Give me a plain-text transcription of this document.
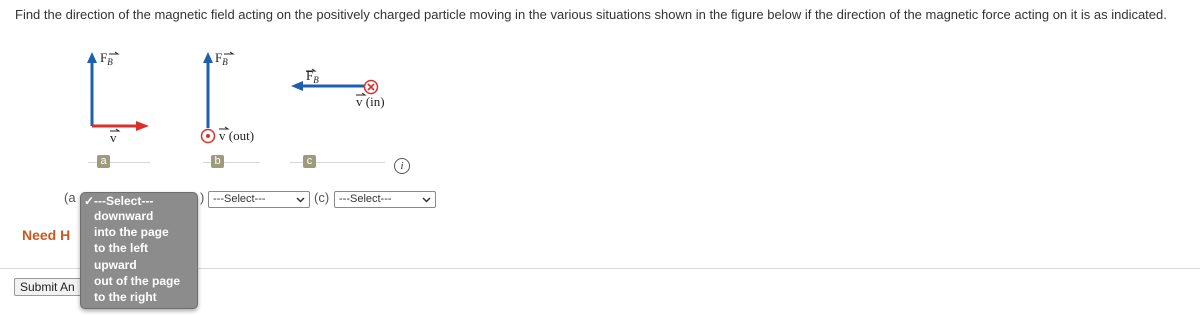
Find the direction of the magnetic field acting on the positively charged particle moving in the various situations shown in the figure below if the direction of the magnetic force acting on it is as indicated.
$F_B$
v
a
$F_B$
v (out)
b
$F_B$
v (in)
c	i
(a	) ---Select---	(c) ---Select---
Need H
Submit An
✓ ---Select---
downward
into the page
to the left
upward
out of the page
to the right
